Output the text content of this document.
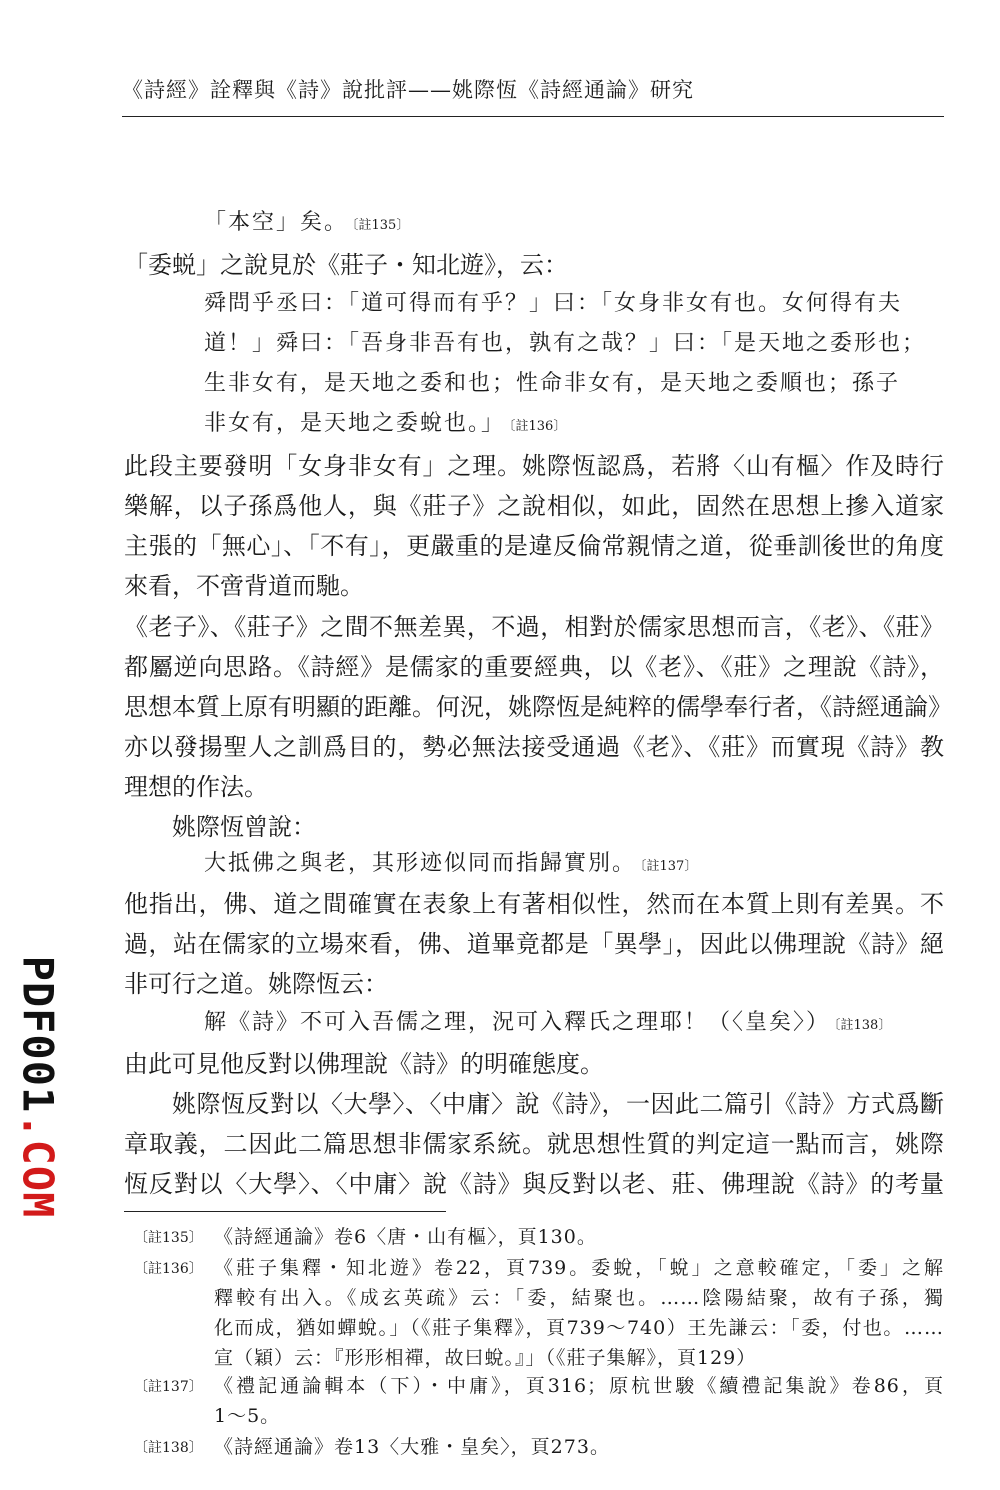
《詩經》詮釋與《詩》說批評——姚際恆《詩經通論》研究
PDF001.COM
「本空」矣。 〔註135〕
「委蜕」之說見於《莊子・知北遊》，云：
舜問乎丞曰：「道可得而有乎？」曰：「女身非女有也。女何得有夫
道！」舜曰：「吾身非吾有也，孰有之哉？」曰：「是天地之委形也；
生非女有，是天地之委和也；性命非女有，是天地之委順也；孫子
非女有，是天地之委蛻也。」 〔註136〕
此段主要發明「女身非女有」之理。姚際恆認爲，若將〈山有樞〉作及時行
樂解，以子孫爲他人，與《莊子》之說相似，如此，固然在思想上摻入道家
主張的「無心」、「不有」，更嚴重的是違反倫常親情之道，從垂訓後世的角度
來看，不啻背道而馳。
《老子》、《莊子》之間不無差異，不過，相對於儒家思想而言，《老》、《莊》
都屬逆向思路。《詩經》是儒家的重要經典，以《老》、《莊》之理說《詩》，
思想本質上原有明顯的距離。何況，姚際恆是純粹的儒學奉行者，《詩經通論》
亦以發揚聖人之訓爲目的，勢必無法接受通過《老》、《莊》而實現《詩》教
理想的作法。
姚際恆曾說：
大抵佛之與老，其形迹似同而指歸實別。 〔註137〕
他指出，佛、道之間確實在表象上有著相似性，然而在本質上則有差異。不
過，站在儒家的立場來看，佛、道畢竟都是「異學」，因此以佛理說《詩》絕
非可行之道。姚際恆云：
解《詩》不可入吾儒之理，況可入釋氏之理耶！（〈皇矣〉） 〔註138〕
由此可見他反對以佛理說《詩》的明確態度。
姚際恆反對以〈大學〉、〈中庸〉說《詩》，一因此二篇引《詩》方式爲斷
章取義，二因此二篇思想非儒家系統。就思想性質的判定這一點而言，姚際
恆反對以〈大學〉、〈中庸〉說《詩》與反對以老、莊、佛理說《詩》的考量
〔註135〕 《詩經通論》卷6〈唐・山有樞〉，頁130。
〔註136〕 《莊子集釋・知北遊》卷22，頁739。委蛻，「蛻」之意較確定，「委」之解
釋較有出入。《成玄英疏》云：「委，結聚也。……陰陽結聚，故有子孫，獨
化而成，猶如蟬蛻。」（《莊子集釋》，頁739～740）王先謙云：「委，付也。……
宣（穎）云：『形形相禪，故曰蛻。』」（《莊子集解》，頁129）
〔註137〕 《禮記通論輯本（下）・中庸》，頁316；原杭世駿《續禮記集說》卷86，頁
1～5。
〔註138〕 《詩經通論》卷13〈大雅・皇矣〉，頁273。
